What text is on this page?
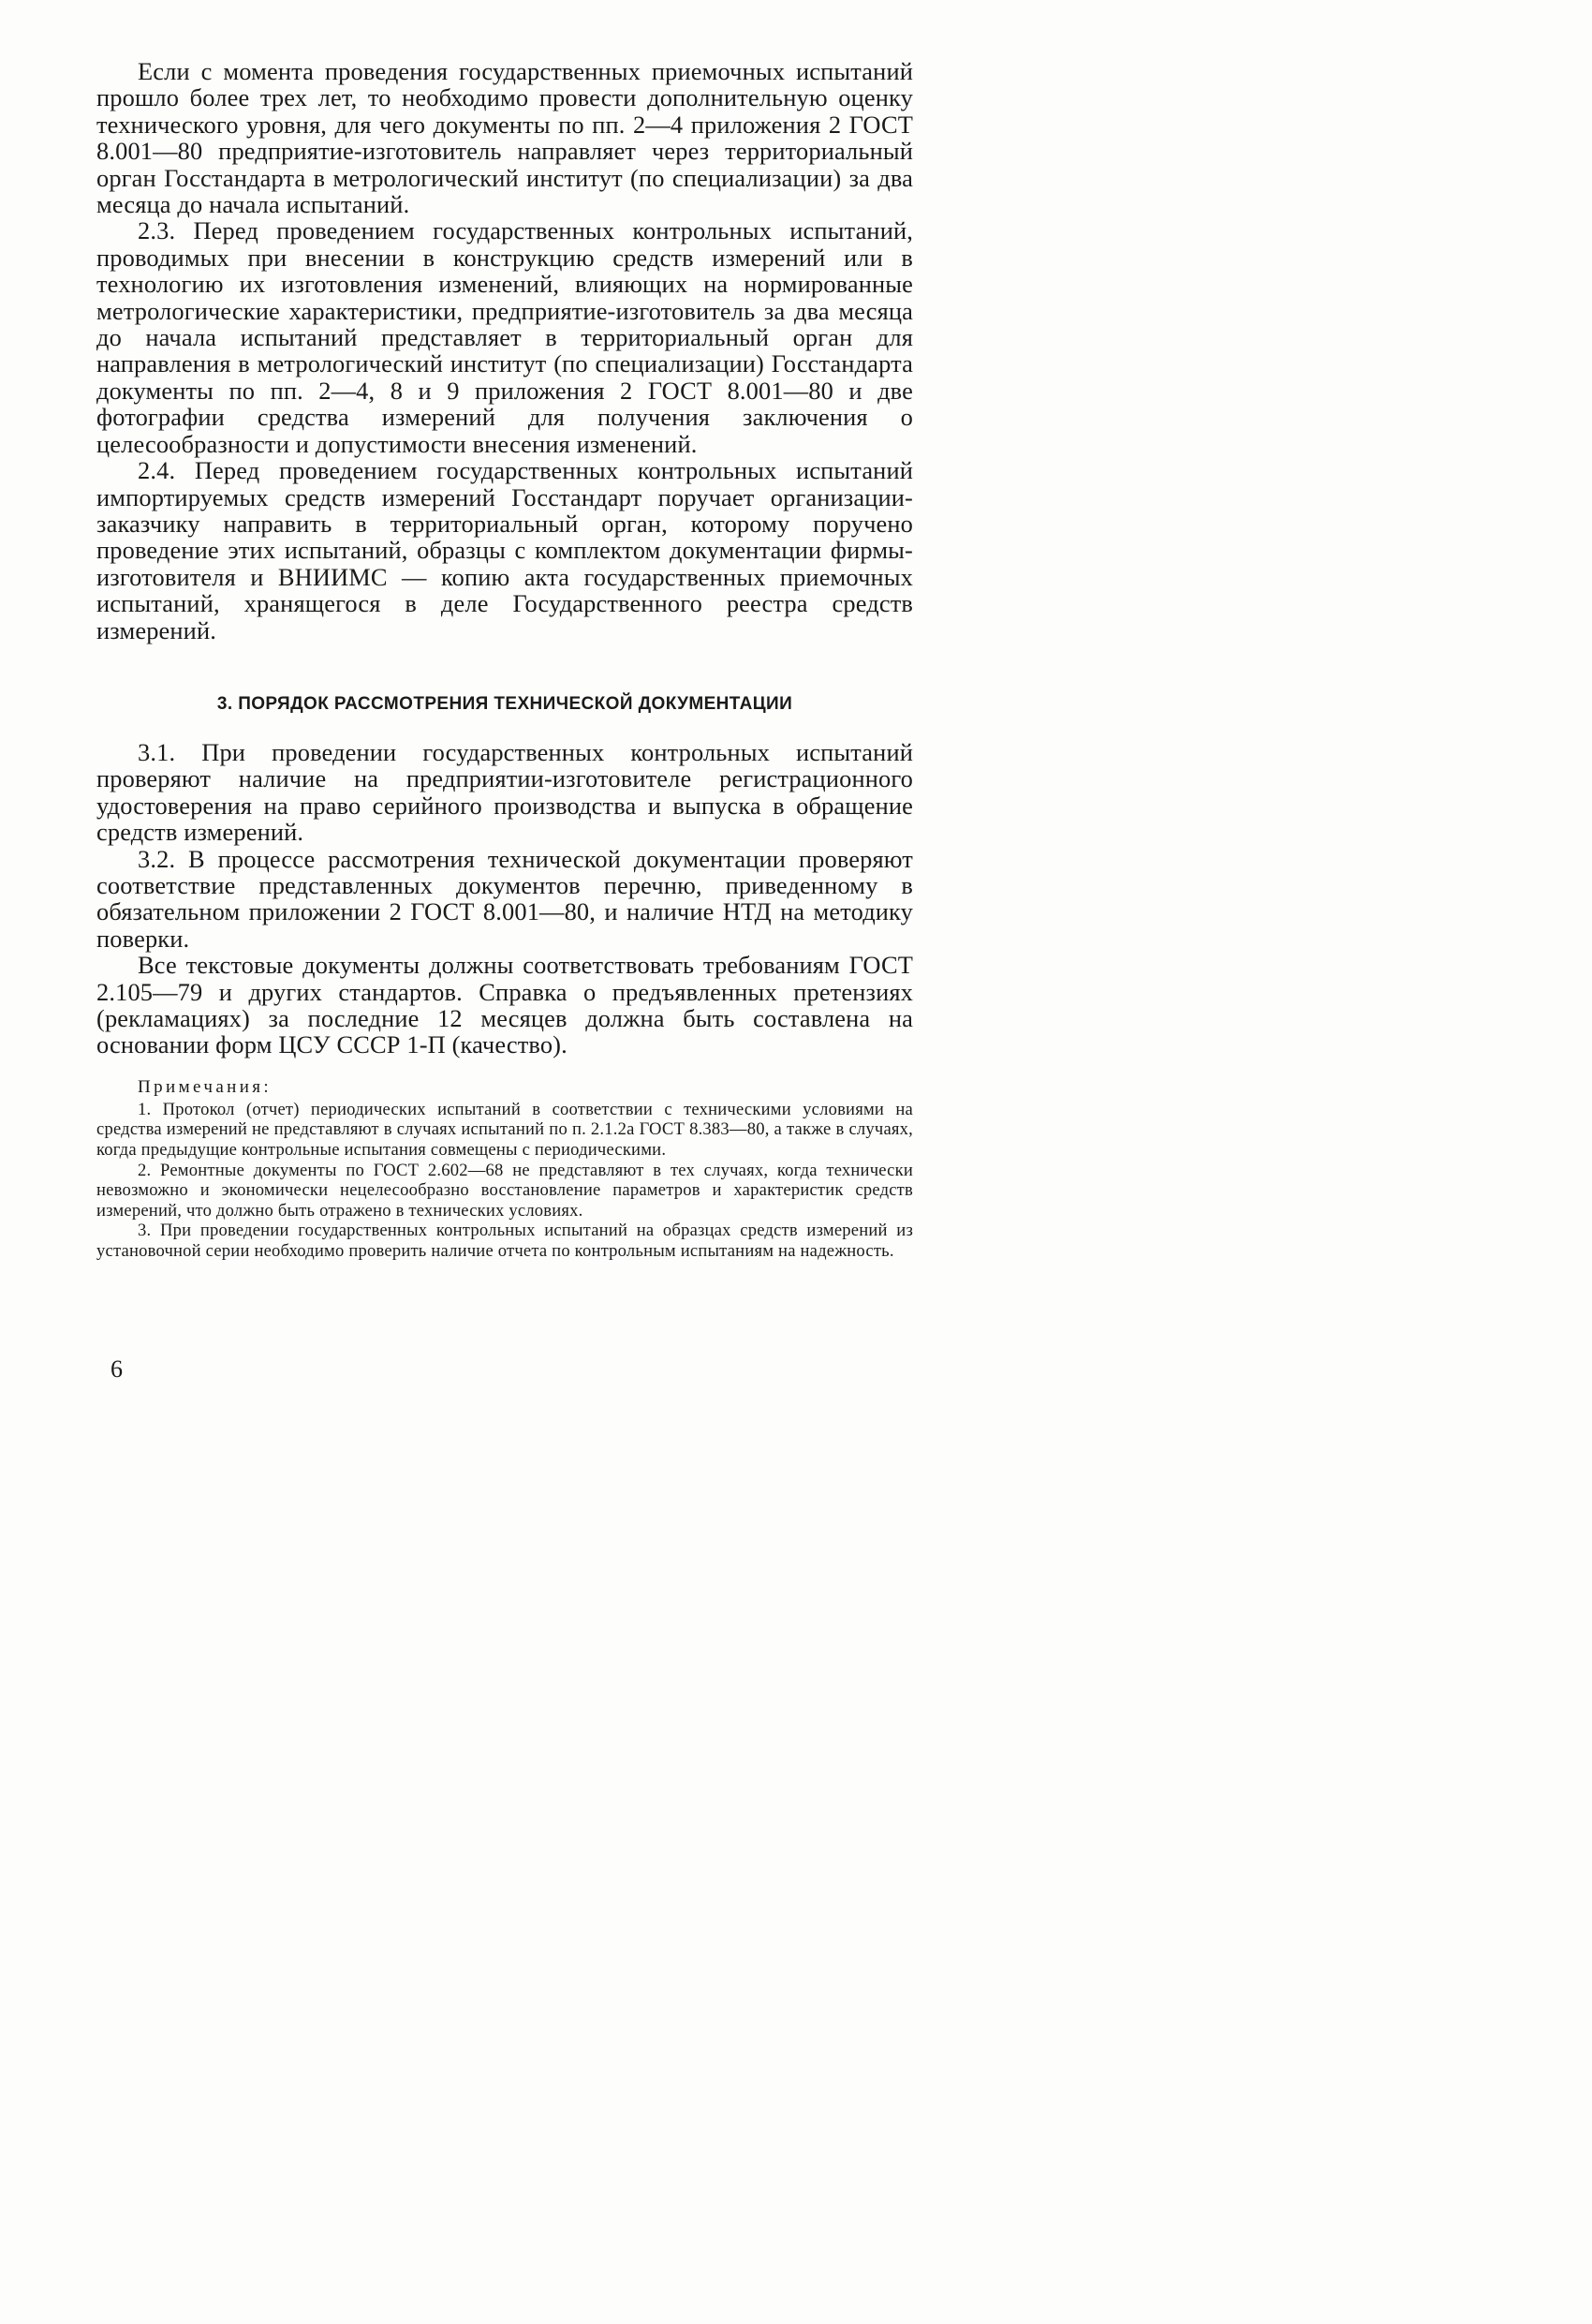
Если с момента проведения государственных приемочных испытаний прошло более трех лет, то необходимо провести дополнительную оценку технического уровня, для чего документы по пп. 2—4 приложения 2 ГОСТ 8.001—80 предприятие-изготовитель направляет через территориальный орган Госстандарта в метрологический институт (по специализации) за два месяца до начала испытаний.

2.3. Перед проведением государственных контрольных испытаний, проводимых при внесении в конструкцию средств измерений или в технологию их изготовления изменений, влияющих на нормированные метрологические характеристики, предприятие-изготовитель за два месяца до начала испытаний представляет в территориальный орган для направления в метрологический институт (по специализации) Госстандарта документы по пп. 2—4, 8 и 9 приложения 2 ГОСТ 8.001—80 и две фотографии средства измерений для получения заключения о целесообразности и допустимости внесения изменений.

2.4. Перед проведением государственных контрольных испытаний импортируемых средств измерений Госстандарт поручает организации-заказчику направить в территориальный орган, которому поручено проведение этих испытаний, образцы с комплектом документации фирмы-изготовителя и ВНИИМС — копию акта государственных приемочных испытаний, хранящегося в деле Государственного реестра средств измерений.

3. ПОРЯДОК РАССМОТРЕНИЯ ТЕХНИЧЕСКОЙ ДОКУМЕНТАЦИИ

3.1. При проведении государственных контрольных испытаний проверяют наличие на предприятии-изготовителе регистрационного удостоверения на право серийного производства и выпуска в обращение средств измерений.

3.2. В процессе рассмотрения технической документации проверяют соответствие представленных документов перечню, приведенному в обязательном приложении 2 ГОСТ 8.001—80, и наличие НТД на методику поверки.

Все текстовые документы должны соответствовать требованиям ГОСТ 2.105—79 и других стандартов. Справка о предъявленных претензиях (рекламациях) за последние 12 месяцев должна быть составлена на основании форм ЦСУ СССР 1-П (качество).

Примечания:

1. Протокол (отчет) периодических испытаний в соответствии с техническими условиями на средства измерений не представляют в случаях испытаний по п. 2.1.2а ГОСТ 8.383—80, а также в случаях, когда предыдущие контрольные испытания совмещены с периодическими.

2. Ремонтные документы по ГОСТ 2.602—68 не представляют в тех случаях, когда технически невозможно и экономически нецелесообразно восстановление параметров и характеристик средств измерений, что должно быть отражено в технических условиях.

3. При проведении государственных контрольных испытаний на образцах средств измерений из установочной серии необходимо проверить наличие отчета по контрольным испытаниям на надежность.

6
